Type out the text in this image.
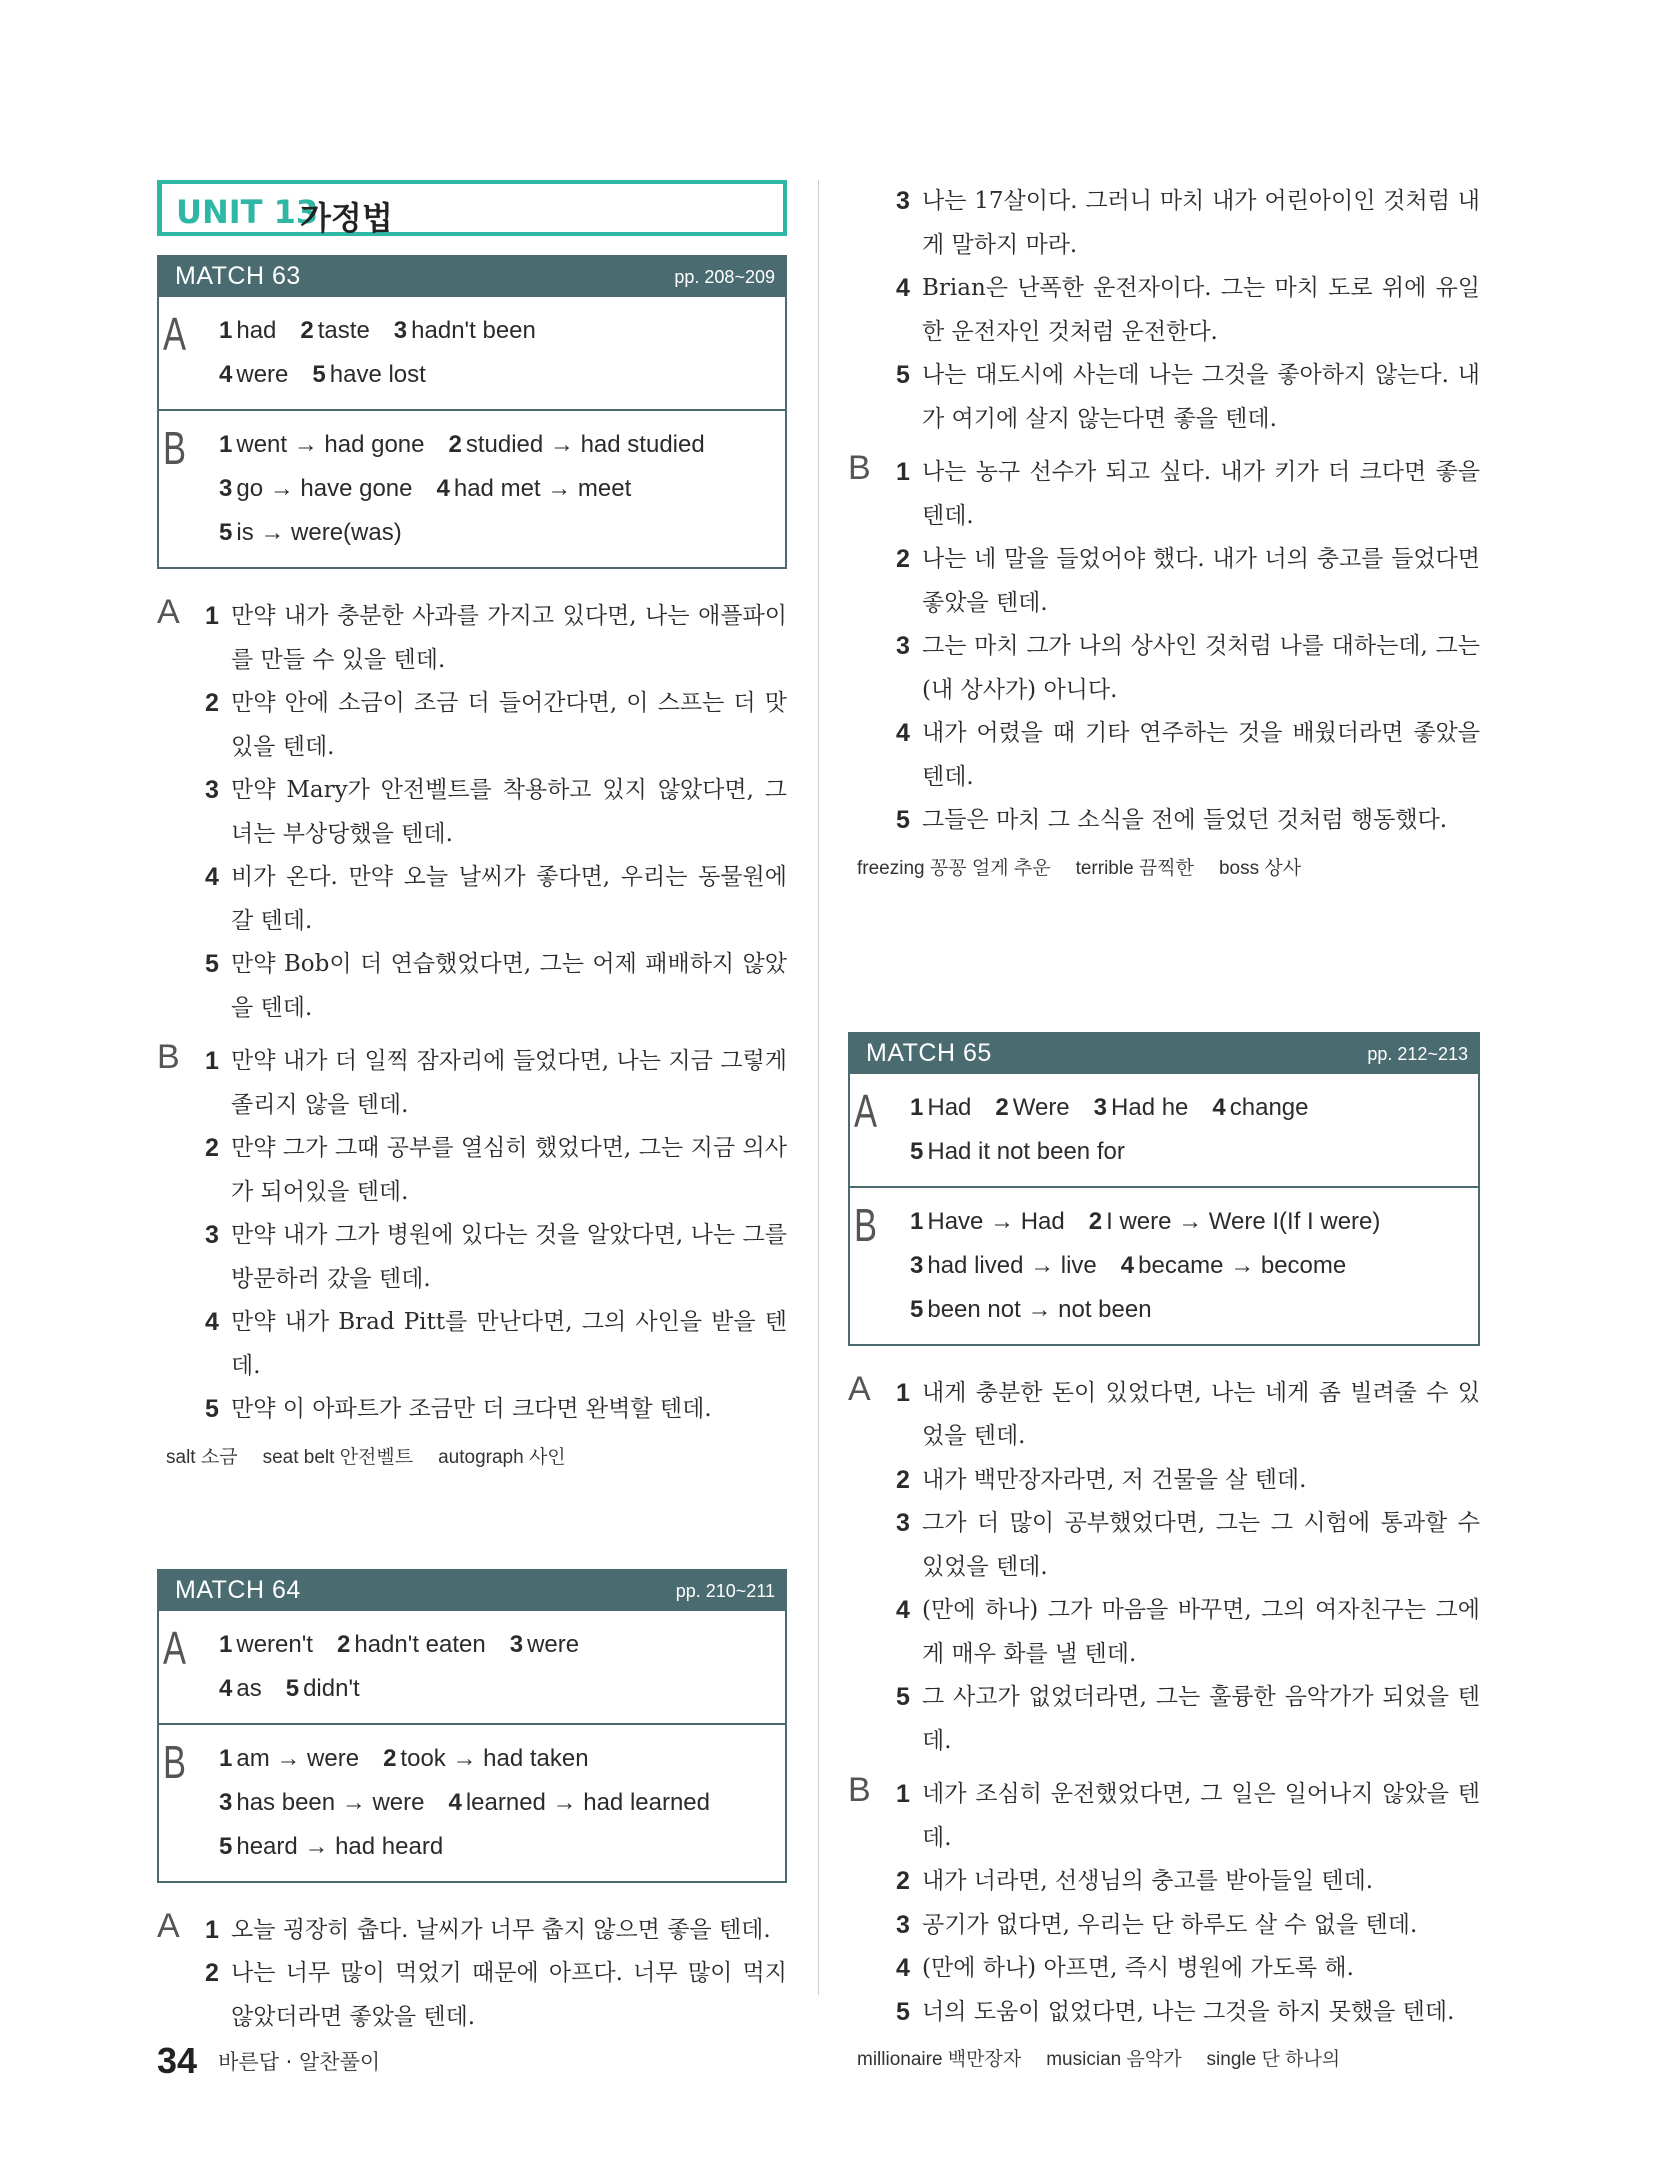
UNIT 13
가정법
MATCH 63	pp. 208~209
A 1 had 2 taste 3 hadn't been
4 were 5 have lost
B 1 went → had gone 2 studied → had studied
3 go → have gone 4 had met → meet
5 is → were(was)
A 1 만약 내가 충분한 사과를 가지고 있다면, 나는 애플파이를 만들 수 있을 텐데.
2 만약 안에 소금이 조금 더 들어간다면, 이 스프는 더 맛있을 텐데.
3 만약 Mary가 안전벨트를 착용하고 있지 않았다면, 그녀는 부상당했을 텐데.
4 비가 온다. 만약 오늘 날씨가 좋다면, 우리는 동물원에 갈 텐데.
5 만약 Bob이 더 연습했었다면, 그는 어제 패배하지 않았을 텐데.
B 1 만약 내가 더 일찍 잠자리에 들었다면, 나는 지금 그렇게 졸리지 않을 텐데.
2 만약 그가 그때 공부를 열심히 했었다면, 그는 지금 의사가 되어있을 텐데.
3 만약 내가 그가 병원에 있다는 것을 알았다면, 나는 그를 방문하러 갔을 텐데.
4 만약 내가 Brad Pitt를 만난다면, 그의 사인을 받을 텐데.
5 만약 이 아파트가 조금만 더 크다면 완벽할 텐데.
salt 소금 seat belt 안전벨트 autograph 사인
MATCH 64	pp. 210~211
A 1 weren't 2 hadn't eaten 3 were
4 as 5 didn't
B 1 am → were 2 took → had taken
3 has been → were 4 learned → had learned
5 heard → had heard
A 1 오늘 굉장히 춥다. 날씨가 너무 춥지 않으면 좋을 텐데.
2 나는 너무 많이 먹었기 때문에 아프다. 너무 많이 먹지 않았더라면 좋았을 텐데.
3 나는 17살이다. 그러니 마치 내가 어린아이인 것처럼 내게 말하지 마라.
4 Brian은 난폭한 운전자이다. 그는 마치 도로 위에 유일한 운전자인 것처럼 운전한다.
5 나는 대도시에 사는데 나는 그것을 좋아하지 않는다. 내가 여기에 살지 않는다면 좋을 텐데.
B 1 나는 농구 선수가 되고 싶다. 내가 키가 더 크다면 좋을 텐데.
2 나는 네 말을 들었어야 했다. 내가 너의 충고를 들었다면 좋았을 텐데.
3 그는 마치 그가 나의 상사인 것처럼 나를 대하는데, 그는 (내 상사가) 아니다.
4 내가 어렸을 때 기타 연주하는 것을 배웠더라면 좋았을 텐데.
5 그들은 마치 그 소식을 전에 들었던 것처럼 행동했다.
freezing 꽁꽁 얼게 추운 terrible 끔찍한 boss 상사
MATCH 65	pp. 212~213
A 1 Had 2 Were 3 Had he 4 change
5 Had it not been for
B 1 Have → Had 2 I were → Were I(If I were)
3 had lived → live 4 became → become
5 been not → not been
A 1 내게 충분한 돈이 있었다면, 나는 네게 좀 빌려줄 수 있었을 텐데.
2 내가 백만장자라면, 저 건물을 살 텐데.
3 그가 더 많이 공부했었다면, 그는 그 시험에 통과할 수 있었을 텐데.
4 (만에 하나) 그가 마음을 바꾸면, 그의 여자친구는 그에게 매우 화를 낼 텐데.
5 그 사고가 없었더라면, 그는 훌륭한 음악가가 되었을 텐데.
B 1 네가 조심히 운전했었다면, 그 일은 일어나지 않았을 텐데.
2 내가 너라면, 선생님의 충고를 받아들일 텐데.
3 공기가 없다면, 우리는 단 하루도 살 수 없을 텐데.
4 (만에 하나) 아프면, 즉시 병원에 가도록 해.
5 너의 도움이 없었다면, 나는 그것을 하지 못했을 텐데.
millionaire 백만장자 musician 음악가 single 단 하나의
34 바른답 · 알찬풀이
